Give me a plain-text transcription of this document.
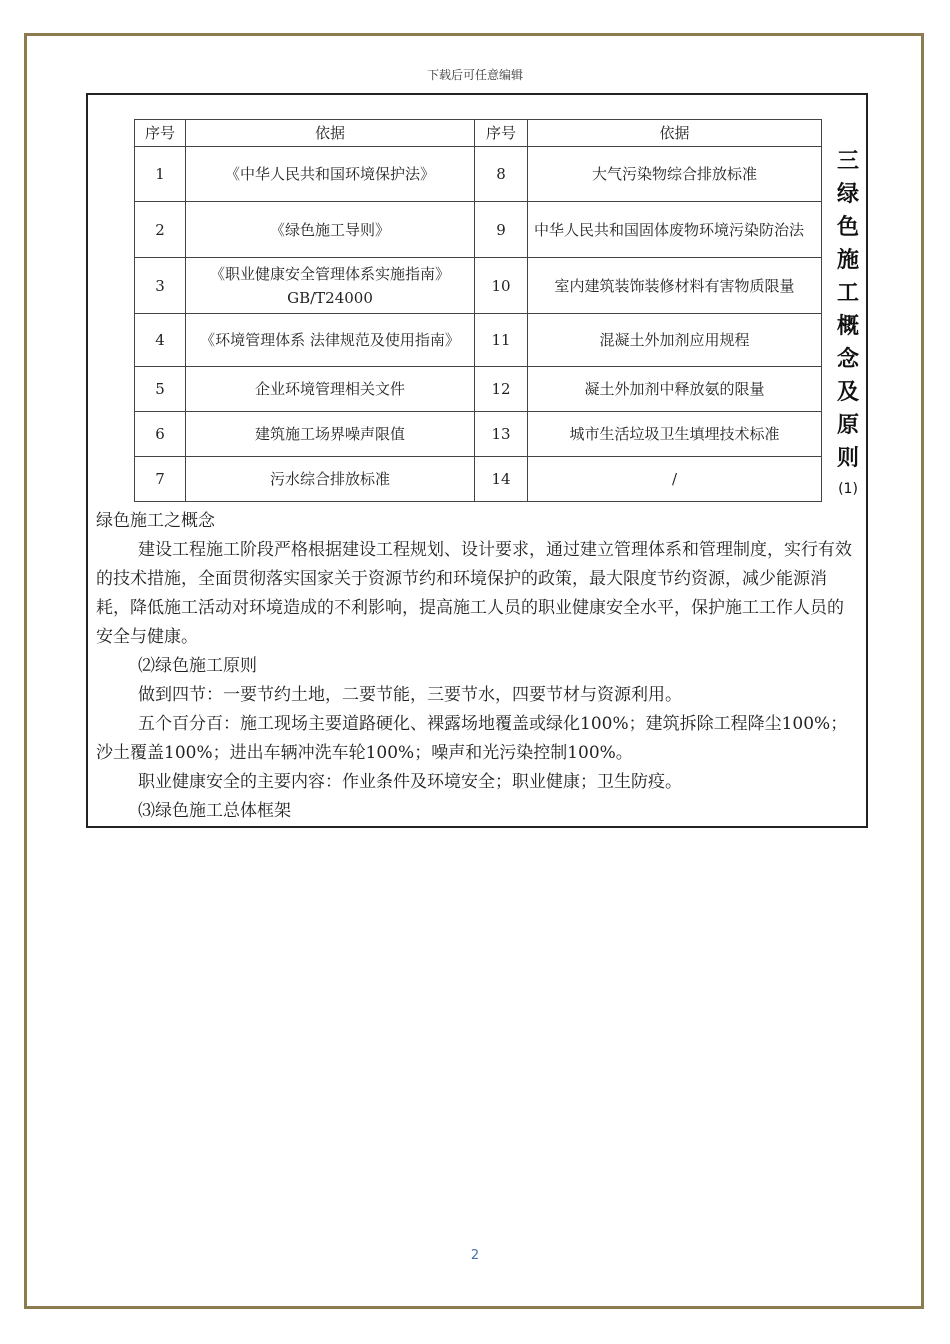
下载后可任意编辑
序号	依据	序号	依据
1	《中华人民共和国环境保护法》	8	大气污染物综合排放标准
2	《绿色施工导则》	9	中华人民共和国固体废物环境污染防治法
3	《职业健康安全管理体系实施指南》GB/T24000	10	室内建筑装饰装修材料有害物质限量
4	《环境管理体系 法律规范及使用指南》	11	混凝土外加剂应用规程
5	企业环境管理相关文件	12	凝土外加剂中释放氨的限量
6	建筑施工场界噪声限值	13	城市生活垃圾卫生填埋技术标准
7	污水综合排放标准	14	/
三
绿
色
施
工
概
念
及
原
则
(1)

绿色施工之概念

建设工程施工阶段严格根据建设工程规划、设计要求，通过建立管理体系和管理制度，实行有效的技术措施，全面贯彻落实国家关于资源节约和环境保护的政策，最大限度节约资源，减少能源消耗，降低施工活动对环境造成的不利影响，提高施工人员的职业健康安全水平，保护施工工作人员的安全与健康。

⑵绿色施工原则

做到四节：一要节约土地，二要节能，三要节水，四要节材与资源利用。

五个百分百：施工现场主要道路硬化、裸露场地覆盖或绿化100%；建筑拆除工程降尘100%；沙土覆盖100%；进出车辆冲洗车轮100%；噪声和光污染控制100%。

职业健康安全的主要内容：作业条件及环境安全；职业健康；卫生防疫。

⑶绿色施工总体框架

2
